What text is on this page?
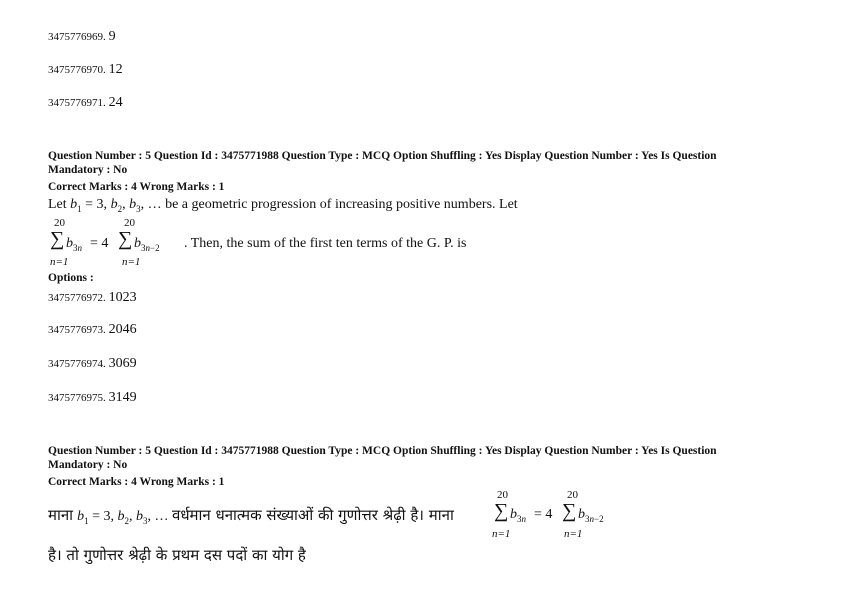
3475776969. 9
3475776970. 12
3475776971. 24
Question Number : 5 Question Id : 3475771988 Question Type : MCQ Option Shuffling : Yes Display Question Number : Yes Is Question
Mandatory : No
Correct Marks : 4 Wrong Marks : 1
Let $b_1 = 3$, $b_2$, $b_3$, … be a geometric progression of increasing positive numbers. Let
20
∑ $b_{3n}$
n=1
= 4
20
∑ $b_{3n-2}$
n=1
. Then, the sum of the first ten terms of the G. P. is
Options :
3475776972. 1023
3475776973. 2046
3475776974. 3069
3475776975. 3149
Question Number : 5 Question Id : 3475771988 Question Type : MCQ Option Shuffling : Yes Display Question Number : Yes Is Question
Mandatory : No
Correct Marks : 4 Wrong Marks : 1
माना $b_1 = 3$, $b_2$, $b_3$, … वर्धमान धनात्मक संख्याओं की गुणोत्तर श्रेढ़ी है। माना
20
∑ $b_{3n}$
n=1
= 4
20
∑ $b_{3n-2}$
n=1
है। तो गुणोत्तर श्रेढ़ी के प्रथम दस पदों का योग है
